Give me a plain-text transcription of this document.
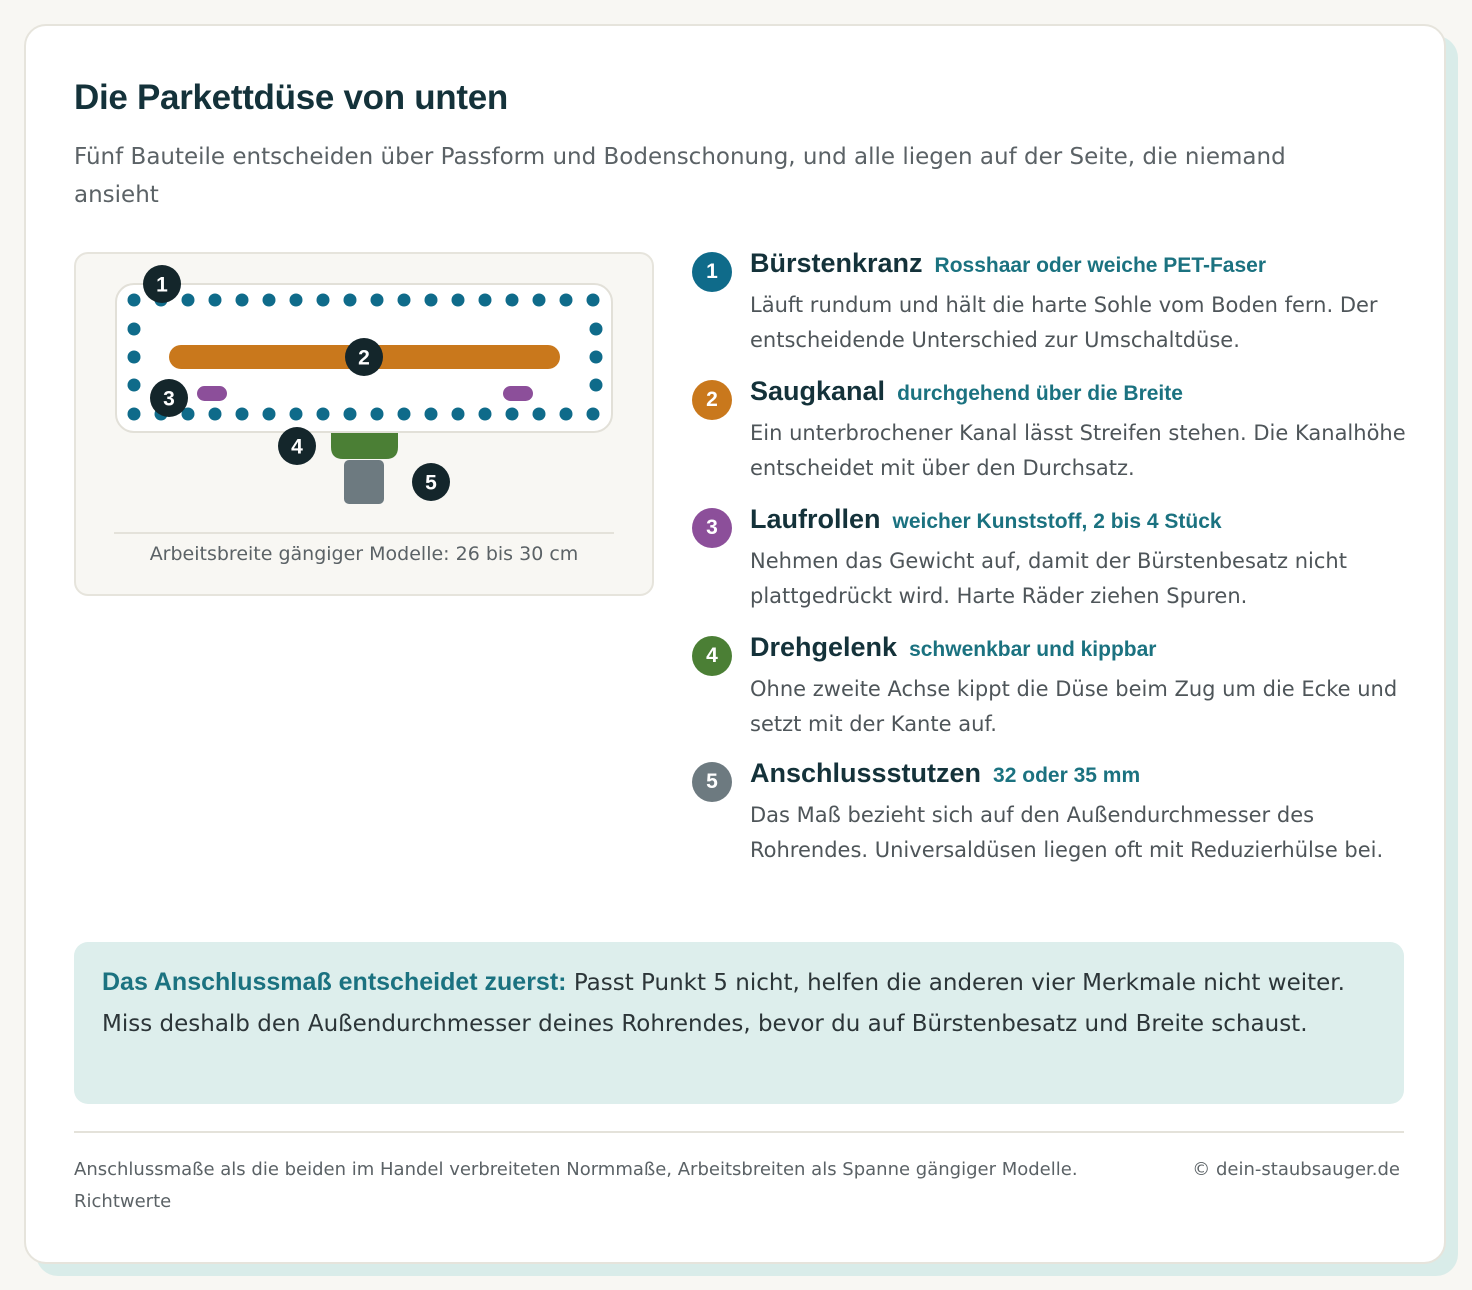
Die Parkettdüse von unten

Fünf Bauteile entscheiden über Passform und Bodenschonung, und alle liegen auf der Seite, die niemand ansieht

1
2
3
4
5
Arbeitsbreite gängiger Modelle: 26 bis 30 cm
1	Bürstenkranz Rosshaar oder weiche PET-Faser

Läuft rundum und hält die harte Sohle vom Boden fern. Der entscheidende Unterschied zur Umschaltdüse.

2	Saugkanal durchgehend über die Breite

Ein unterbrochener Kanal lässt Streifen stehen. Die Kanalhöhe entscheidet mit über den Durchsatz.

3	Laufrollen weicher Kunststoff, 2 bis 4 Stück

Nehmen das Gewicht auf, damit der Bürstenbesatz nicht plattgedrückt wird. Harte Räder ziehen Spuren.

4	Drehgelenk schwenkbar und kippbar

Ohne zweite Achse kippt die Düse beim Zug um die Ecke und setzt mit der Kante auf.

5	Anschlussstutzen 32 oder 35 mm

Das Maß bezieht sich auf den Außendurchmesser des Rohrendes. Universaldüsen liegen oft mit Reduzierhülse bei.

Das Anschlussmaß entscheidet zuerst: Passt Punkt 5 nicht, helfen die anderen vier Merkmale nicht weiter. Miss deshalb den Außendurchmesser deines Rohrendes, bevor du auf Bürstenbesatz und Breite schaust.

Anschlussmaße als die beiden im Handel verbreiteten Normmaße, Arbeitsbreiten als Spanne gängiger Modelle. Richtwerte

© dein-staubsauger.de
